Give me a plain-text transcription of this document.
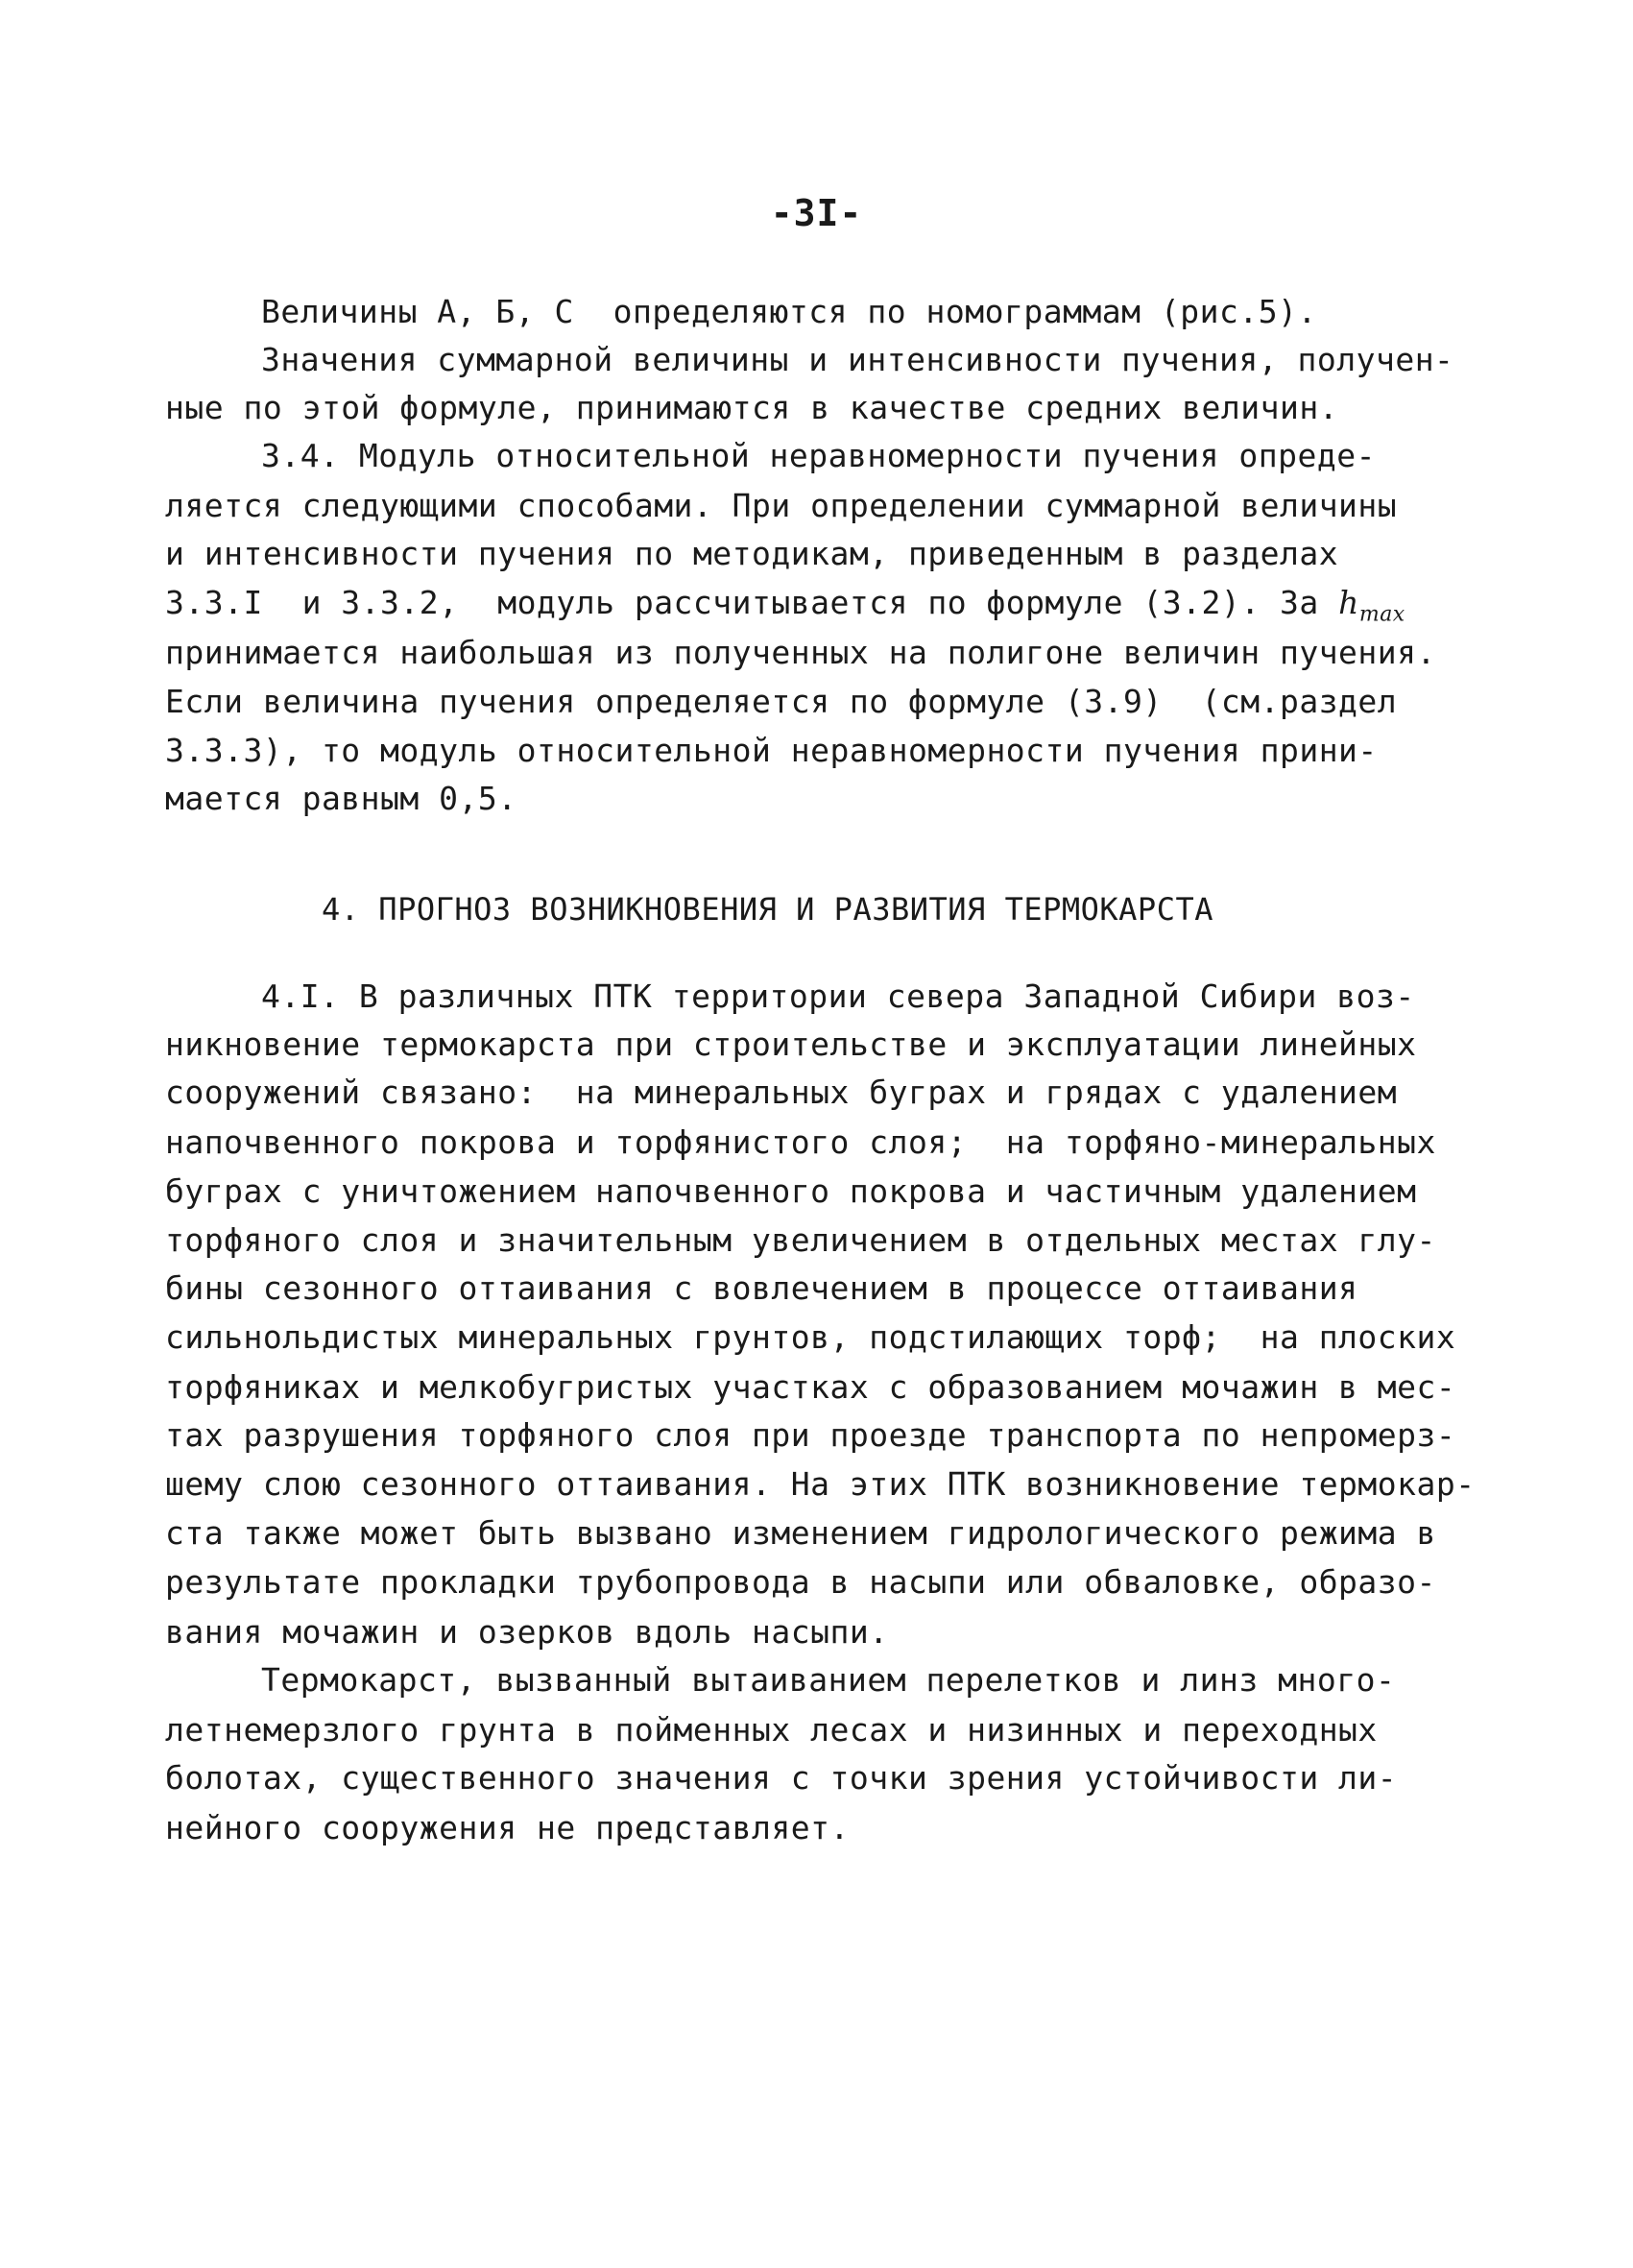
-3I-
Величины А, Б, С  определяются по номограммам (рис.5).
Значения суммарной величины и интенсивности пучения, получен-
ные по этой формуле, принимаются в качестве средних величин.
3.4. Модуль относительной неравномерности пучения опреде-
ляется следующими способами. При определении суммарной величины
и интенсивности пучения по методикам, приведенным в разделах
3.3.I  и 3.3.2,  модуль рассчитывается по формуле (3.2). За $h_{max}$
принимается наибольшая из полученных на полигоне величин пучения.
Если величина пучения определяется по формуле (3.9)  (см.раздел
3.3.3), то модуль относительной неравномерности пучения прини-
мается равным 0,5.
4. ПРОГНОЗ ВОЗНИКНОВЕНИЯ И РАЗВИТИЯ ТЕРМОКАРСТА
4.I. В различных ПТК территории севера Западной Сибири воз-
никновение термокарста при строительстве и эксплуатации линейных
сооружений связано:  на минеральных буграх и грядах с удалением
напочвенного покрова и торфянистого слоя;  на торфяно-минеральных
буграх с уничтожением напочвенного покрова и частичным удалением
торфяного слоя и значительным увеличением в отдельных местах глу-
бины сезонного оттаивания с вовлечением в процессе оттаивания
сильнольдистых минеральных грунтов, подстилающих торф;  на плоских
торфяниках и мелкобугристых участках с образованием мочажин в мес-
тах разрушения торфяного слоя при проезде транспорта по непромерз-
шему слою сезонного оттаивания. На этих ПТК возникновение термокар-
ста также может быть вызвано изменением гидрологического режима в
результате прокладки трубопровода в насыпи или обваловке, образо-
вания мочажин и озерков вдоль насыпи.
Термокарст, вызванный вытаиванием перелетков и линз много-
летнемерзлого грунта в пойменных лесах и низинных и переходных
болотах, существенного значения с точки зрения устойчивости ли-
нейного сооружения не представляет.
